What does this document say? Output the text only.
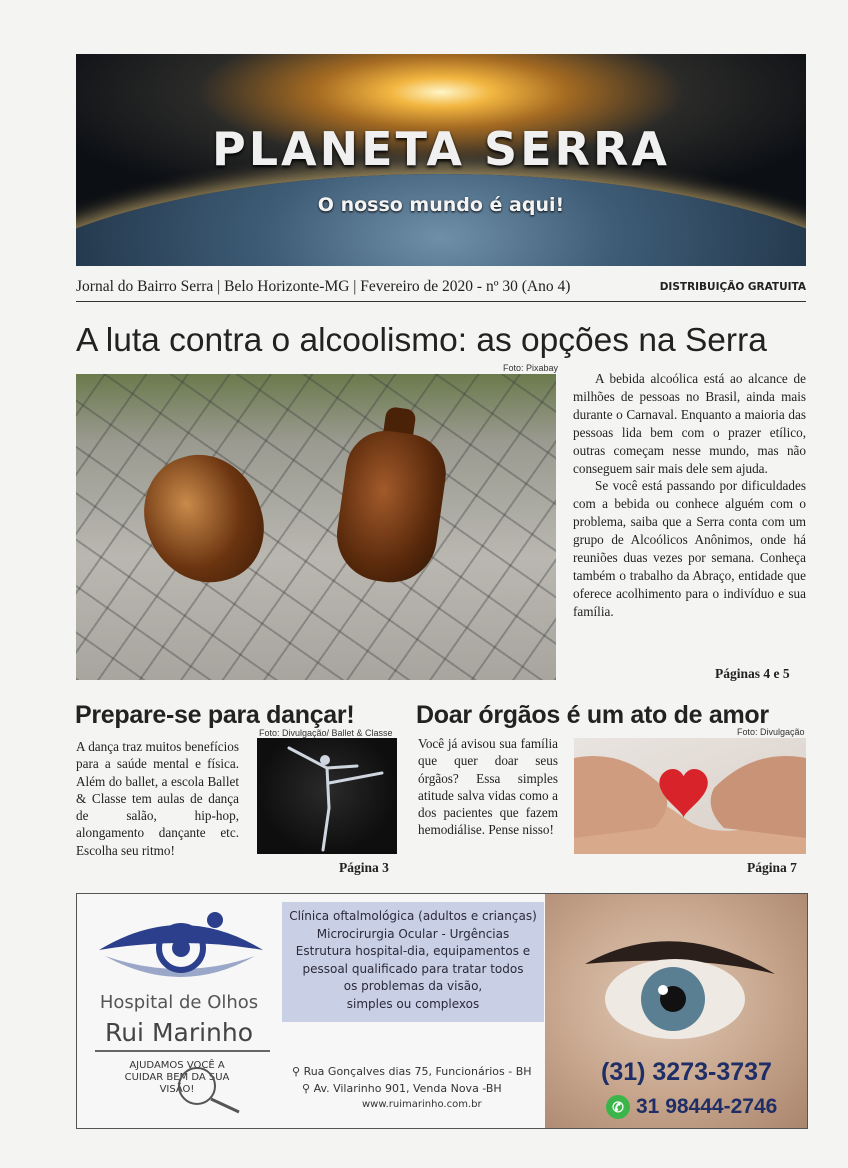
PLANETA SERRA
O nosso mundo é aqui!
Jornal do Bairro Serra | Belo Horizonte-MG | Fevereiro de 2020 - nº 30 (Ano 4)	DISTRIBUIÇÃO GRATUITA
A luta contra o alcoolismo: as opções na Serra
Foto: Pixabay

A bebida alcoólica está ao alcance de milhões de pessoas no Brasil, ainda mais durante o Carnaval. Enquanto a maioria das pessoas lida bem com o prazer etílico, outras começam nesse mundo, mas não conseguem sair mais dele sem ajuda.

Se você está passando por dificuldades com a bebida ou conhece alguém com o problema, saiba que a Serra conta com um grupo de Alcoólicos Anônimos, onde há reuniões duas vezes por semana. Conheça também o trabalho da Abraço, entidade que oferece acolhimento para o indivíduo e sua família.

Páginas 4 e 5
Prepare-se para dançar!
Foto: Divulgação/ Ballet & Classe
A dança traz muitos benefícios para a saúde mental e física. Além do ballet, a escola Ballet & Classe tem aulas de dança de salão, hip-hop, alongamento dançante etc. Escolha seu ritmo!
Página 3
Doar órgãos é um ato de amor
Foto: Divulgação
Você já avisou sua família que quer doar seus órgãos? Essa simples atitude salva vidas como a dos pacientes que fazem hemodiálise. Pense nisso!
Página 7
Hospital de Olhos
Rui Marinho
AJUDAMOS VOCÊ A CUIDAR BEM DA SUA VISÃO!
Clínica oftalmológica (adultos e crianças)
Microcirurgia Ocular - Urgências
Estrutura hospital-dia, equipamentos e
pessoal qualificado para tratar todos
os problemas da visão,
simples ou complexos
⚲ Rua Gonçalves dias 75, Funcionários - BH
⚲ Av. Vilarinho 901, Venda Nova -BH
www.ruimarinho.com.br
(31) 3273-3737
✆ 31 98444-2746
